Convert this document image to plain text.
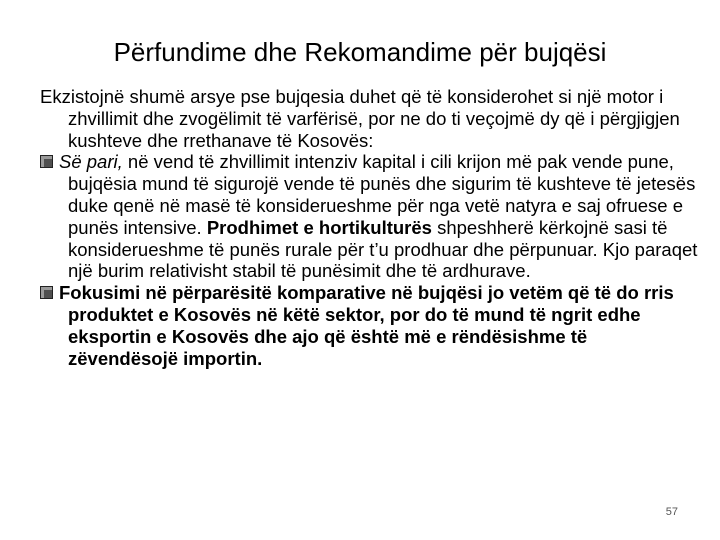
Përfundime dhe Rekomandime për bujqësi

Ekzistojnë shumë arsye pse bujqesia duhet që të konsiderohet si një motor i zhvillimit dhe zvogëlimit të varfërisë, por ne do ti veçojmë dy që i përgjigjen kushteve dhe rrethanave të Kosovës:

Së pari, në vend të zhvillimit intenziv kapital i cili krijon më pak vende pune, bujqësia mund të sigurojë vende të punës dhe sigurim të kushteve të jetesës duke qenë në masë të konsiderueshme për nga vetë natyra e saj ofruese e punës intensive. Prodhimet e hortikulturës shpeshherë kërkojnë sasi të konsiderueshme të punës rurale për t’u prodhuar dhe përpunuar. Kjo paraqet një burim relativisht stabil të punësimit dhe të ardhurave.

Fokusimi në përparësitë komparative në bujqësi jo vetëm që të do rris produktet e Kosovës në këtë sektor, por do të mund të ngrit edhe eksportin e Kosovës dhe ajo që është më e rëndësishme të zëvendësojë importin.

57
